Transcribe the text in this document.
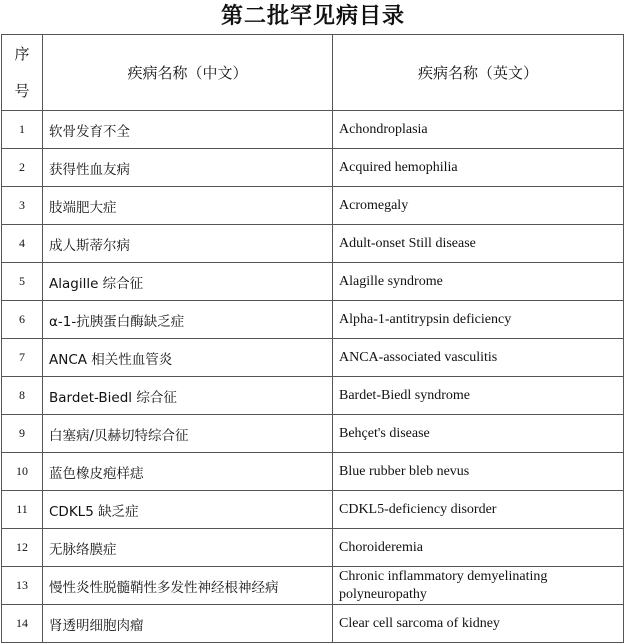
第二批罕见病目录
序
号	疾病名称（中文）	疾病名称（英文）
1	软骨发育不全	Achondroplasia
2	获得性血友病	Acquired hemophilia
3	肢端肥大症	Acromegaly
4	成人斯蒂尔病	Adult-onset Still disease
5	Alagille 综合征	Alagille syndrome
6	α-1-抗胰蛋白酶缺乏症	Alpha-1-antitrypsin deficiency
7	ANCA 相关性血管炎	ANCA-associated vasculitis
8	Bardet-Biedl 综合征	Bardet-Biedl syndrome
9	白塞病/贝赫切特综合征	Behçet's disease
10	蓝色橡皮疱样痣	Blue rubber bleb nevus
11	CDKL5 缺乏症	CDKL5-deficiency disorder
12	无脉络膜症	Choroideremia
13	慢性炎性脱髓鞘性多发性神经根神经病	Chronic inflammatory demyelinating polyneuropathy
14	肾透明细胞肉瘤	Clear cell sarcoma of kidney
